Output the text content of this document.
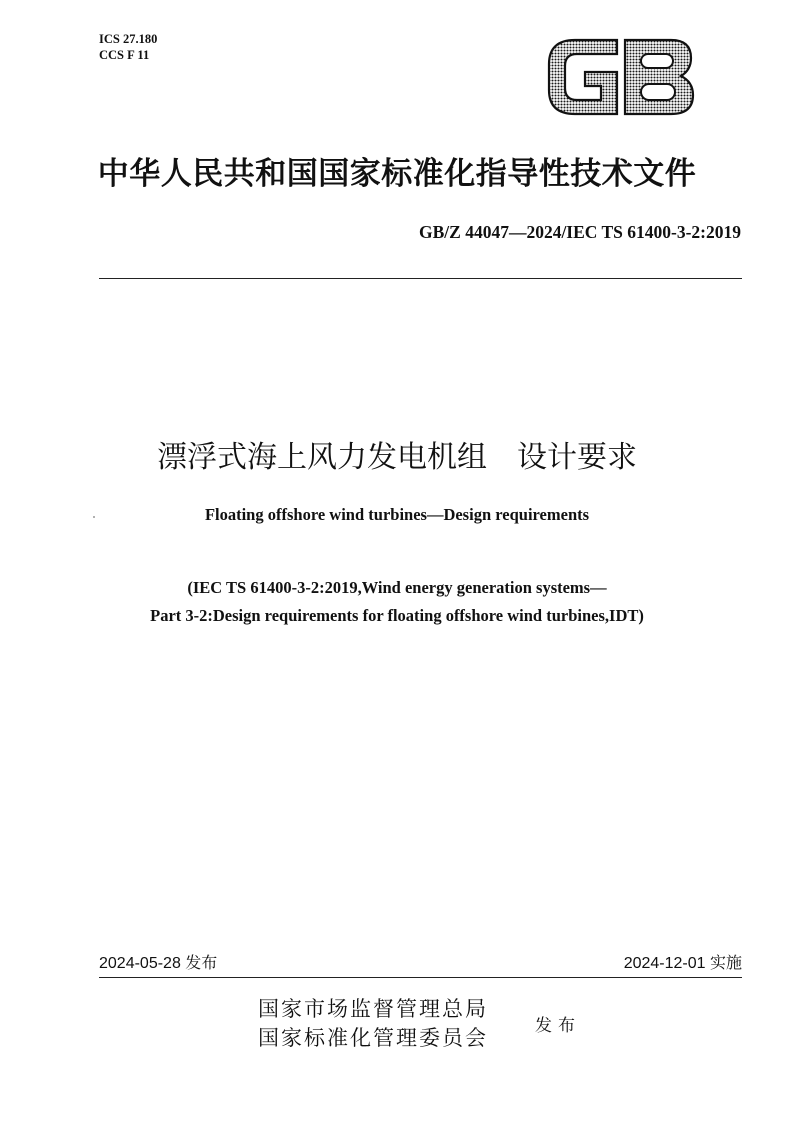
ICS 27.180
CCS F 11
GB
中华人民共和国国家标准化指导性技术文件
GB/Z 44047—2024/IEC TS 61400-3-2:2019
漂浮式海上风力发电机组　设计要求
Floating offshore wind turbines—Design requirements
(IEC TS 61400-3-2:2019,Wind energy generation systems—
Part 3-2:Design requirements for floating offshore wind turbines,IDT)
2024-05-28 发布	2024-12-01 实施
国家市场监督管理总局
国家标准化管理委员会	发布
